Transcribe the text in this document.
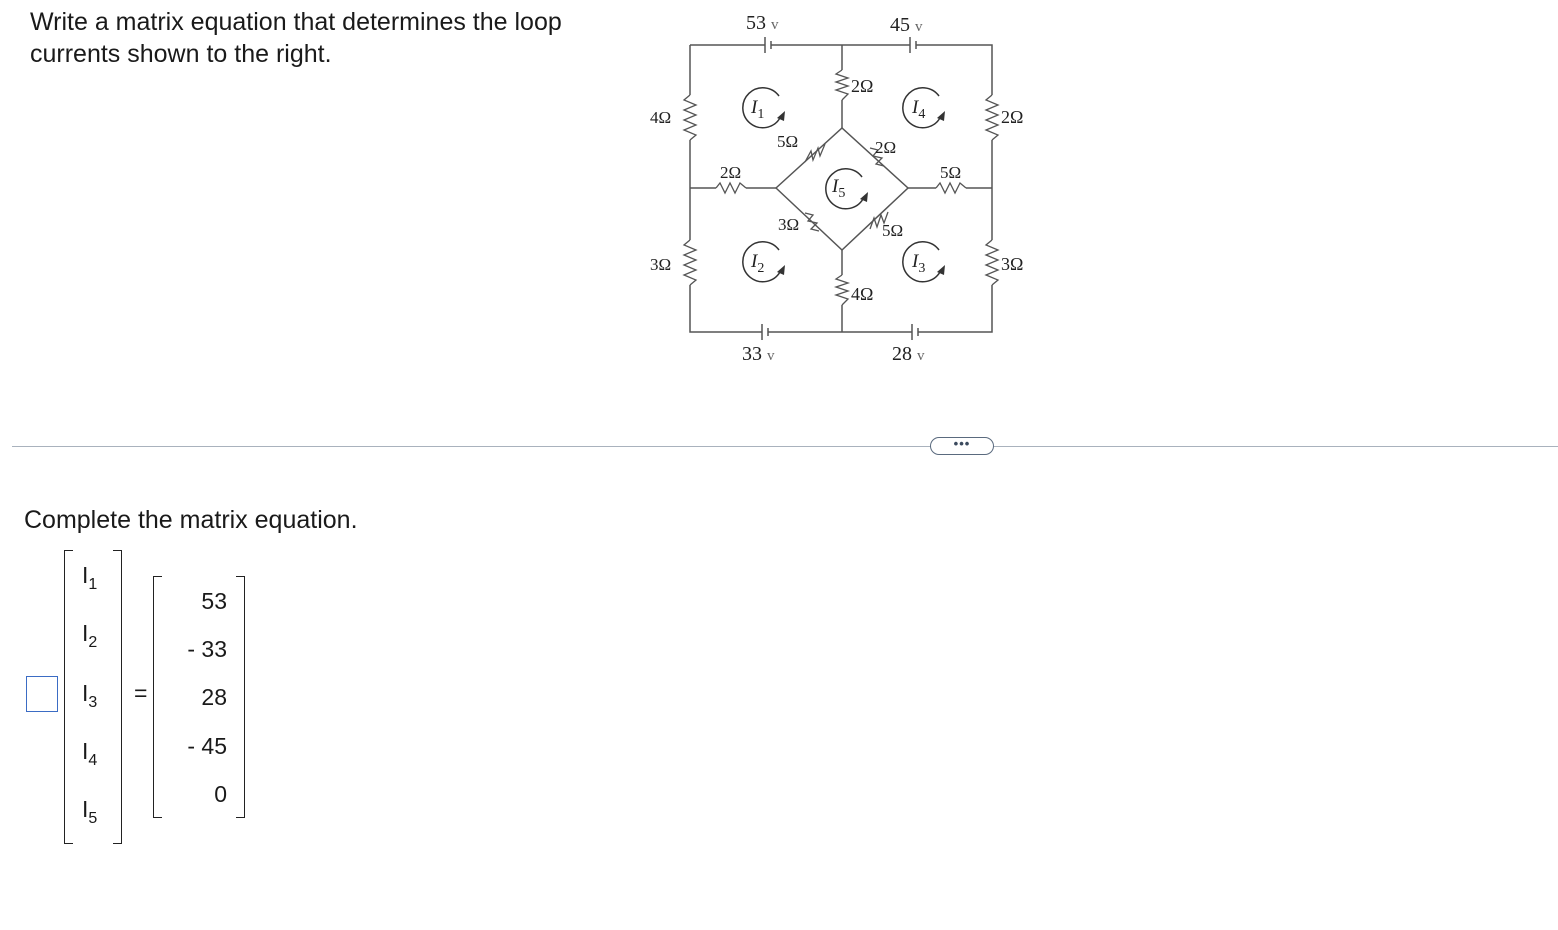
Write a matrix equation that determines the loop currents shown to the right.
53 v	45 v
33 v	28 v
4Ω
3Ω
2Ω
3Ω
2Ω
4Ω
2Ω	5Ω
5Ω	2Ω
3Ω	5Ω
$I_1$
$I_2$	$I_3$
$I_4$
$I_5$
•••
Complete the matrix equation.
$I_1$
$I_2$
$I_3$
$I_4$
$I_5$
=
53
- 33
28
- 45
0
